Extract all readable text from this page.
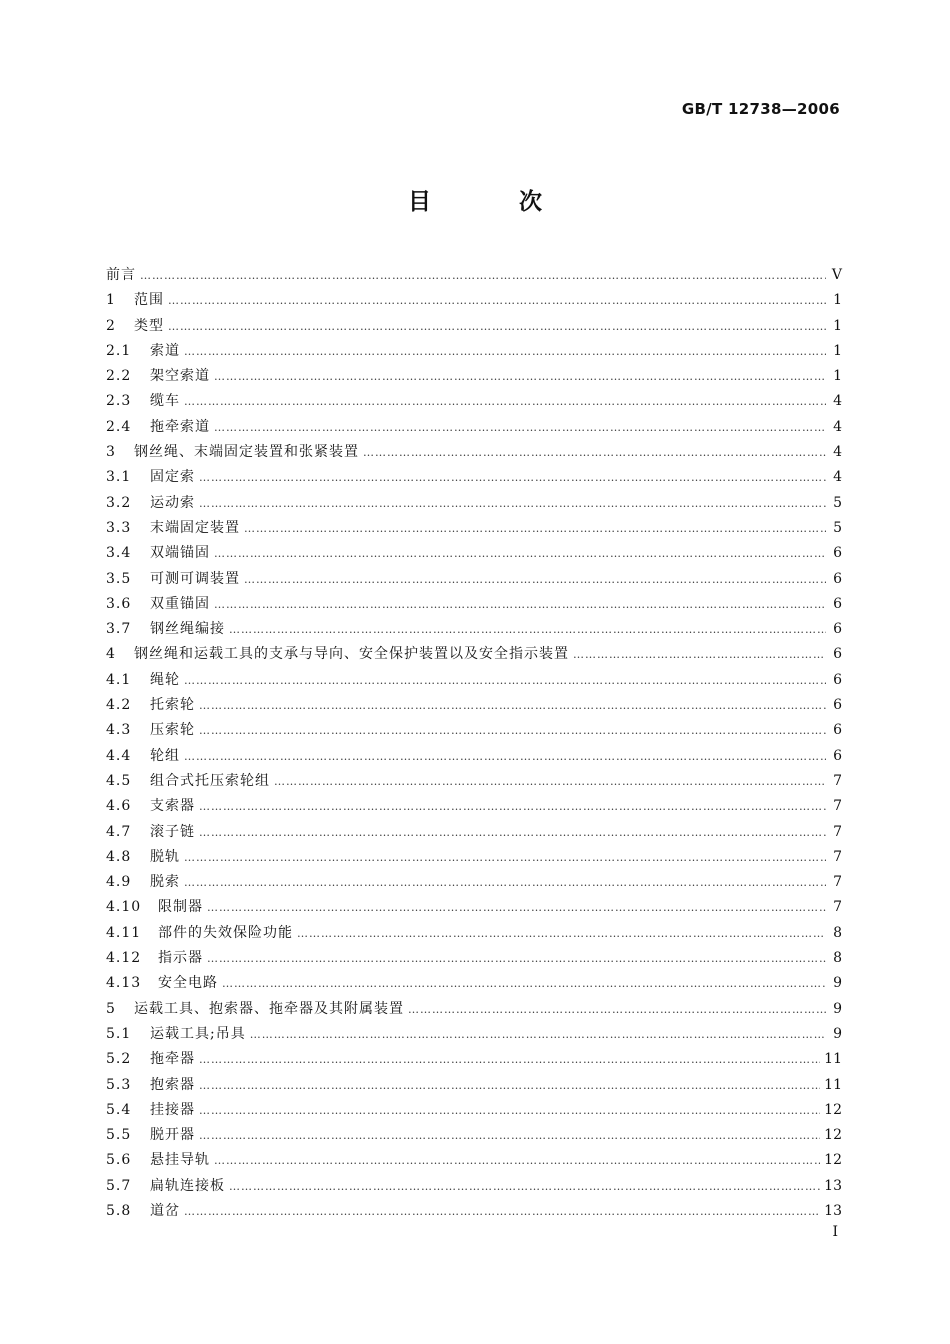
GB/T 12738—2006
目 次
前言 ………………………………………………………………………………………………………………………………………………………………………………………………………………………	V
1	范围 ………………………………………………………………………………………………………………………………………………………………………………………………………………………	1
2	类型 ………………………………………………………………………………………………………………………………………………………………………………………………………………………	1
2.1	索道 ………………………………………………………………………………………………………………………………………………………………………………………………………………………	1
2.2	架空索道 ………………………………………………………………………………………………………………………………………………………………………………………………………………………	1
2.3	缆车 ………………………………………………………………………………………………………………………………………………………………………………………………………………………	4
2.4	拖牵索道 ………………………………………………………………………………………………………………………………………………………………………………………………………………………	4
3	钢丝绳、末端固定装置和张紧装置 ………………………………………………………………………………………………………………………………………………………………………………………………………………………	4
3.1	固定索 ………………………………………………………………………………………………………………………………………………………………………………………………………………………	4
3.2	运动索 ………………………………………………………………………………………………………………………………………………………………………………………………………………………	5
3.3	末端固定装置 ………………………………………………………………………………………………………………………………………………………………………………………………………………………	5
3.4	双端锚固 ………………………………………………………………………………………………………………………………………………………………………………………………………………………	6
3.5	可测可调装置 ………………………………………………………………………………………………………………………………………………………………………………………………………………………	6
3.6	双重锚固 ………………………………………………………………………………………………………………………………………………………………………………………………………………………	6
3.7	钢丝绳编接 ………………………………………………………………………………………………………………………………………………………………………………………………………………………	6
4	钢丝绳和运载工具的支承与导向、安全保护装置以及安全指示装置 ………………………………………………………………………………………………………………………………………………………………………………………………………………………	6
4.1	绳轮 ………………………………………………………………………………………………………………………………………………………………………………………………………………………	6
4.2	托索轮 ………………………………………………………………………………………………………………………………………………………………………………………………………………………	6
4.3	压索轮 ………………………………………………………………………………………………………………………………………………………………………………………………………………………	6
4.4	轮组 ………………………………………………………………………………………………………………………………………………………………………………………………………………………	6
4.5	组合式托压索轮组 ………………………………………………………………………………………………………………………………………………………………………………………………………………………	7
4.6	支索器 ………………………………………………………………………………………………………………………………………………………………………………………………………………………	7
4.7	滚子链 ………………………………………………………………………………………………………………………………………………………………………………………………………………………	7
4.8	脱轨 ………………………………………………………………………………………………………………………………………………………………………………………………………………………	7
4.9	脱索 ………………………………………………………………………………………………………………………………………………………………………………………………………………………	7
4.10	限制器 ………………………………………………………………………………………………………………………………………………………………………………………………………………………	7
4.11	部件的失效保险功能 ………………………………………………………………………………………………………………………………………………………………………………………………………………………	8
4.12	指示器 ………………………………………………………………………………………………………………………………………………………………………………………………………………………	8
4.13	安全电路 ………………………………………………………………………………………………………………………………………………………………………………………………………………………	9
5	运载工具、抱索器、拖牵器及其附属装置 ………………………………………………………………………………………………………………………………………………………………………………………………………………………	9
5.1	运载工具;吊具 ………………………………………………………………………………………………………………………………………………………………………………………………………………………	9
5.2	拖牵器 ………………………………………………………………………………………………………………………………………………………………………………………………………………………	11
5.3	抱索器 ………………………………………………………………………………………………………………………………………………………………………………………………………………………	11
5.4	挂接器 ………………………………………………………………………………………………………………………………………………………………………………………………………………………	12
5.5	脱开器 ………………………………………………………………………………………………………………………………………………………………………………………………………………………	12
5.6	悬挂导轨 ………………………………………………………………………………………………………………………………………………………………………………………………………………………	12
5.7	扁轨连接板 ………………………………………………………………………………………………………………………………………………………………………………………………………………………	13
5.8	道岔 ………………………………………………………………………………………………………………………………………………………………………………………………………………………	13
I
